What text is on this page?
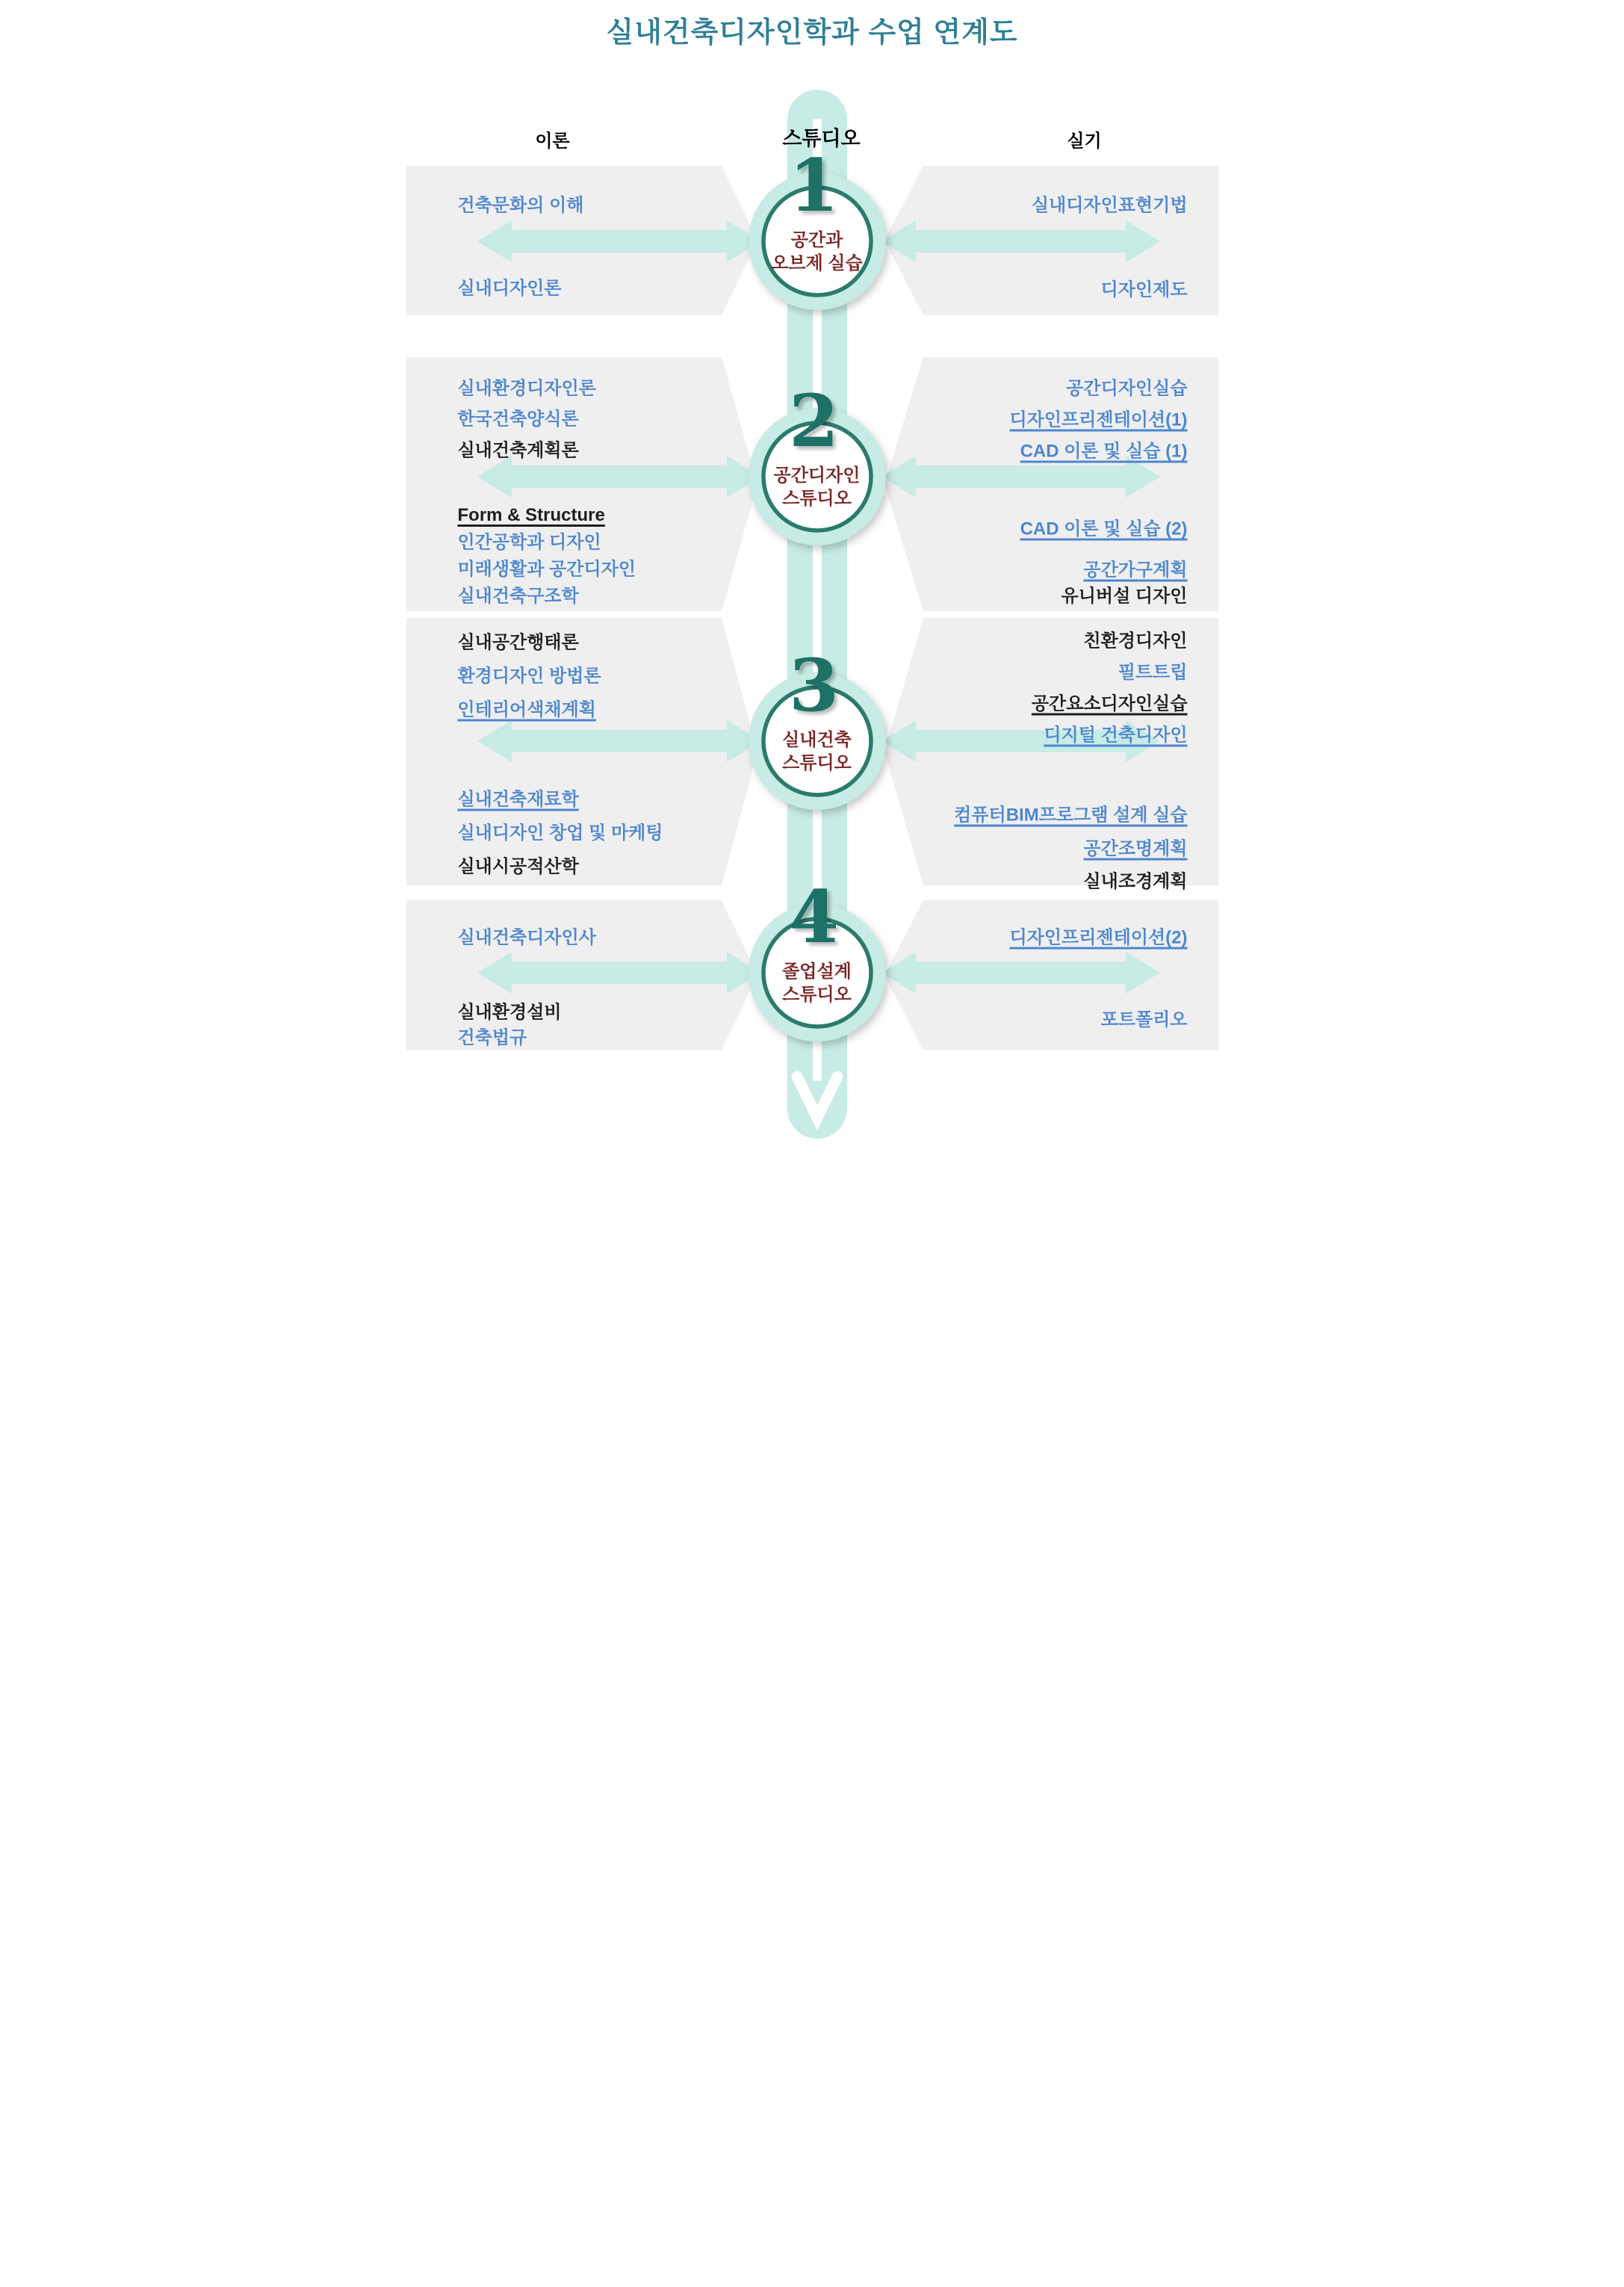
실내건축디자인학과 수업 연계도
이론	스튜디오	실기
1
공간과
오브제 실습
건축문화의 이해
실내디자인론
실내디자인표현기법
디자인제도
2
공간디자인
스튜디오
실내환경디자인론
한국건축양식론
실내건축계획론
Form & Structure
인간공학과 디자인
미래생활과 공간디자인
실내건축구조학
공간디자인실습
디자인프리젠테이션(1)
CAD 이론 및 실습 (1)
CAD 이론 및 실습 (2)
공간가구계획
유니버설 디자인
3
실내건축
스튜디오
실내공간행태론
환경디자인 방법론
인테리어색채계획
실내건축재료학
실내디자인 창업 및 마케팅
실내시공적산학
친환경디자인
필트트립
공간요소디자인실습
디지털 건축디자인
컴퓨터BIM프로그램 설계 실습
공간조명계획
실내조경계획
4
졸업설계
스튜디오
실내건축디자인사
실내환경설비
건축법규
디자인프리젠테이션(2)
포트폴리오
